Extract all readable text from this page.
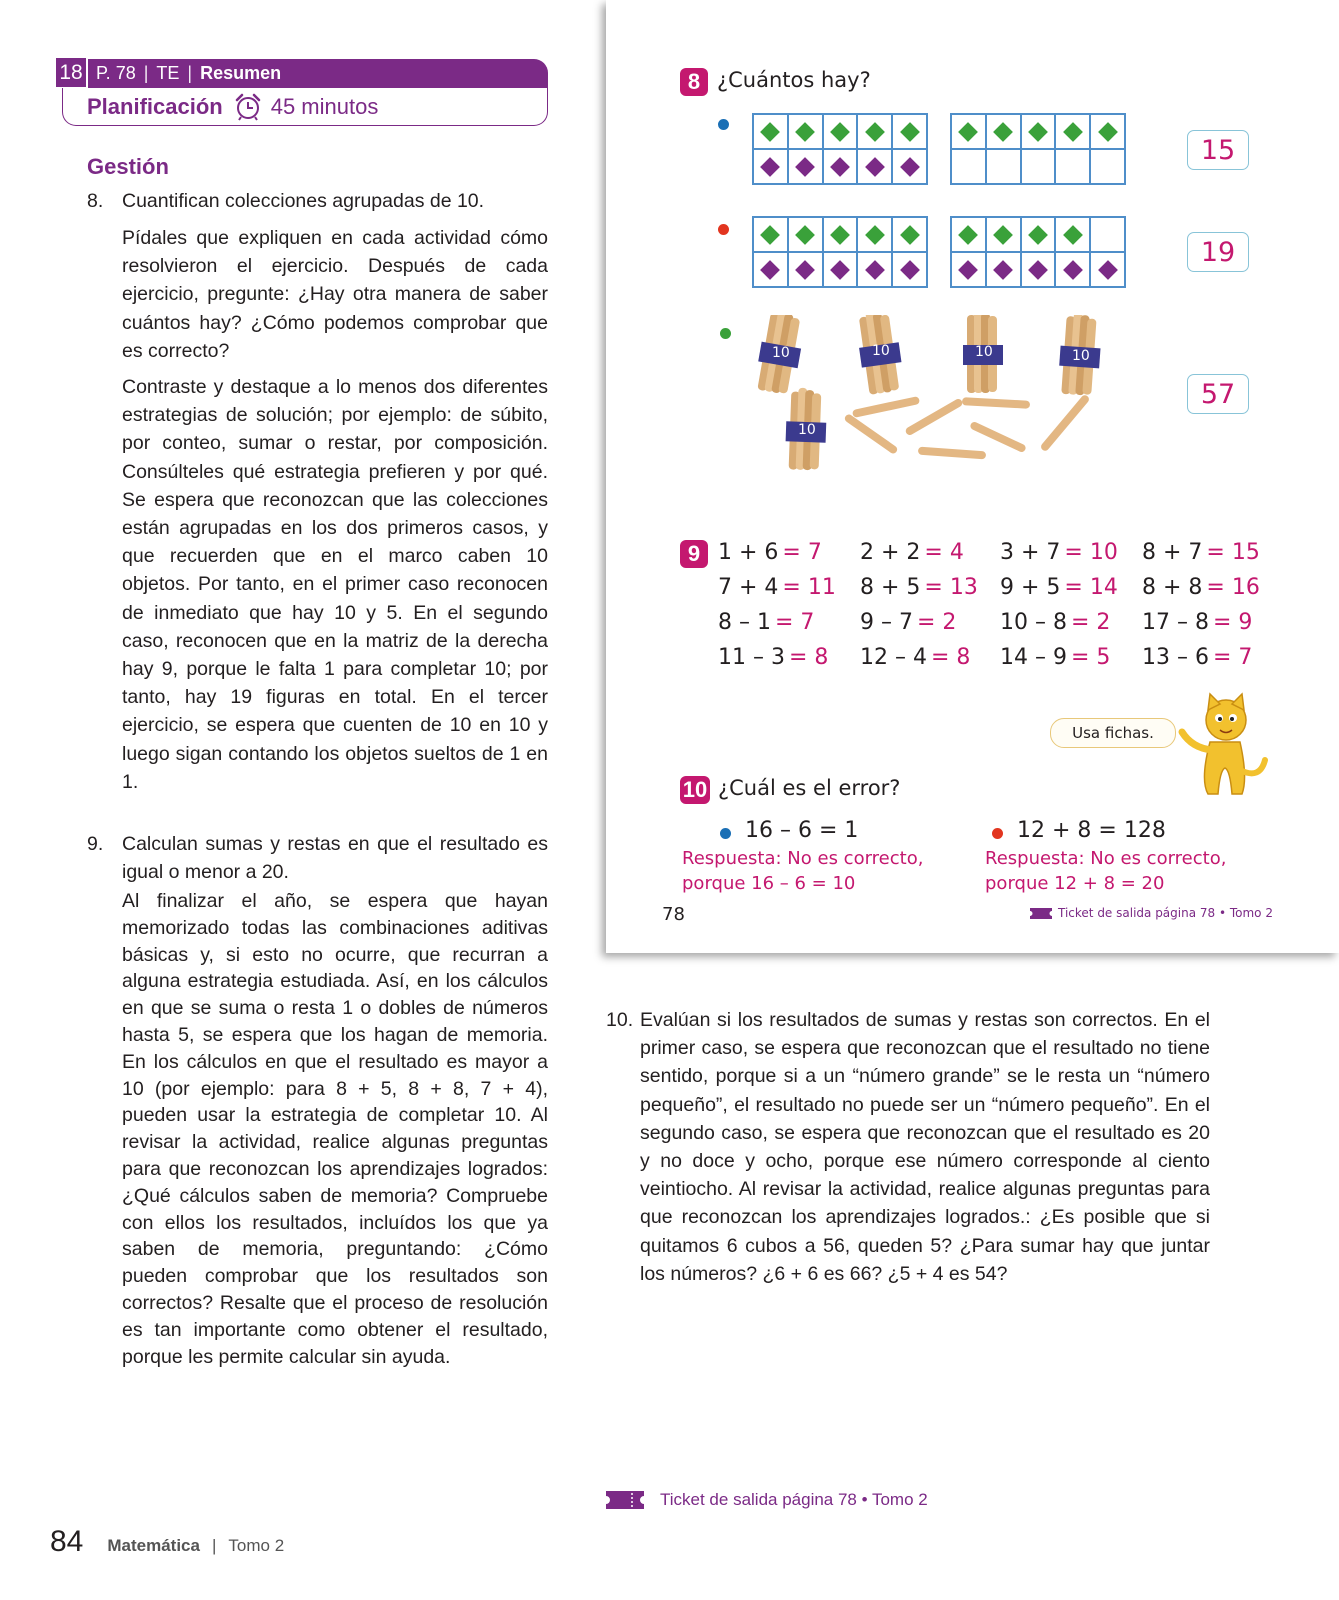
18 P. 78 | TE | Resumen
Planificación 45 minutos
Gestión
8. Cuantifican colecciones agrupadas de 10.
Pídales que expliquen en cada actividad cómo resolvieron el ejercicio. Después de cada ejercicio, pregunte: ¿Hay otra manera de saber cuántos hay? ¿Cómo podemos comprobar que es correcto?
Contraste y destaque a lo menos dos diferentes estrategias de solución; por ejemplo: de súbito, por conteo, sumar o restar, por composición. Consúlteles qué estrategia prefieren y por qué. Se espera que reconozcan que las colecciones están agrupadas en los dos primeros casos, y que recuerden que en el marco caben 10 objetos. Por tanto, en el primer caso reconocen de inmediato que hay 10 y 5. En el segundo caso, reconocen que en la matriz de la derecha hay 9, porque le falta 1 para completar 10; por tanto, hay 19 figuras en total. En el tercer ejercicio, se espera que cuenten de 10 en 10 y luego sigan contando los objetos sueltos de 1 en 1.
9. Calculan sumas y restas en que el resultado es igual o menor a 20.
Al finalizar el año, se espera que hayan memorizado todas las combinaciones aditivas básicas y, si esto no ocurre, que recurran a alguna estrategia estudiada. Así, en los cálculos en que se suma o resta 1 o dobles de números hasta 5, se espera que los hagan de memoria. En los cálculos en que el resultado es mayor a 10 (por ejemplo: para 8 + 5, 8 + 8, 7 + 4), pueden usar la estrategia de completar 10. Al revisar la actividad, realice algunas preguntas para que reconozcan los aprendizajes logrados: ¿Qué cálculos saben de memoria? Compruebe con ellos los resultados, incluídos los que ya saben de memoria, preguntando: ¿Cómo pueden comprobar que los resultados son correctos? Resalte que el proceso de resolución es tan importante como obtener el resultado, porque les permite calcular sin ayuda.
8 ¿Cuántos hay?
15
19
10	10	10	10
10
57
9
Usa fichas.
10 ¿Cuál es el error?
16 – 6 = 1
Respuesta: No es correcto,
porque 16 – 6 = 10
12 + 8 = 128
Respuesta: No es correcto,
porque 12 + 8 = 20
78	Ticket de salida página 78 • Tomo 2
10. Evalúan si los resultados de sumas y restas son correctos. En el primer caso, se espera que reconozcan que el resultado no tiene sentido, porque si a un “número grande” se le resta un “número pequeño”, el resultado no puede ser un “número pequeño”. En el segundo caso, se espera que reconozcan que el resultado es 20 y no doce y ocho, porque ese número corresponde al ciento veintiocho. Al revisar la actividad, realice algunas preguntas para que reconozcan los aprendizajes logrados.: ¿Es posible que si quitamos 6 cubos a 56, queden 5? ¿Para sumar hay que juntar los números? ¿6 + 6 es 66? ¿5 + 4 es 54?
Ticket de salida página 78 • Tomo 2
84 Matemática | Tomo 2
1 + 6 = 7 2 + 2 = 4 3 + 7 = 10 8 + 7 = 15
7 + 4 = 11 8 + 5 = 13 9 + 5 = 14 8 + 8 = 16
8 – 1 = 7 9 – 7 = 2 10 – 8 = 2 17 – 8 = 9
11 – 3 = 8 12 – 4 = 8 14 – 9 = 5 13 – 6 = 7
